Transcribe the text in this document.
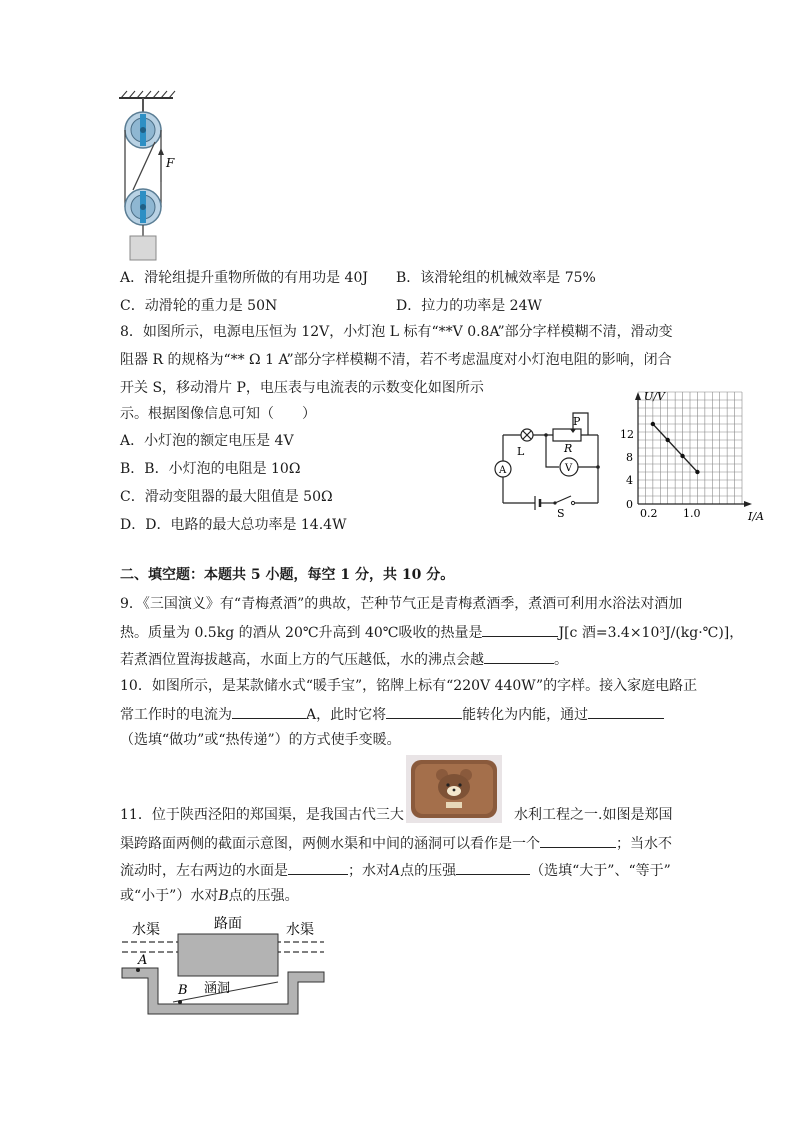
F
A．滑轮组提升重物所做的有用功是 40J B．该滑轮组的机械效率是 75%
C．动滑轮的重力是 50N	D．拉力的功率是 24W
8．如图所示，电源电压恒为 12V，小灯泡 L 标有“**V 0.8A”部分字样模糊不清，滑动变
阻器 R 的规格为“** Ω 1 A”部分字样模糊不清，若不考虑温度对小灯泡电阻的影响，闭合
开关 S，移动滑片 P，电压表与电流表的示数变化如图所示
示。根据图像信息可知（　　）
A．小灯泡的额定电压是 4V
B．B．小灯泡的电阻是 10Ω
C．滑动变阻器的最大阻值是 50Ω
D．D．电路的最大总功率是 14.4W
L
P
R
A	V
S
U/V
I/A
12
8
4
0
0.2 1.0
二、填空题：本题共 5 小题，每空 1 分，共 10 分。
9．《三国演义》有“青梅煮酒”的典故，芒种节气正是青梅煮酒季，煮酒可利用水浴法对酒加
热。质量为 0.5kg 的酒从 20℃升高到 40℃吸收的热量是	J[c 酒=3.4×10³J/(kg·℃)]，
若煮酒位置海拔越高，水面上方的气压越低，水的沸点会越	。
10．如图所示，是某款储水式“暖手宝”，铭牌上标有“220V 440W”的字样。接入家庭电路正
常工作时的电流为	A，此时它将	能转化为内能，通过
（选填“做功”或“热传递”）的方式使手变暖。
11．位于陕西泾阳的郑国渠，是我国古代三大	水利工程之一.如图是郑国
渠跨路面两侧的截面示意图，两侧水渠和中间的涵洞可以看作是一个	；当水不
流动时，左右两边的水面是	；水对A点的压强	（选填“大于”、“等于”
或“小于”）水对B点的压强。
水渠	路面	水渠
涵洞
A
B
